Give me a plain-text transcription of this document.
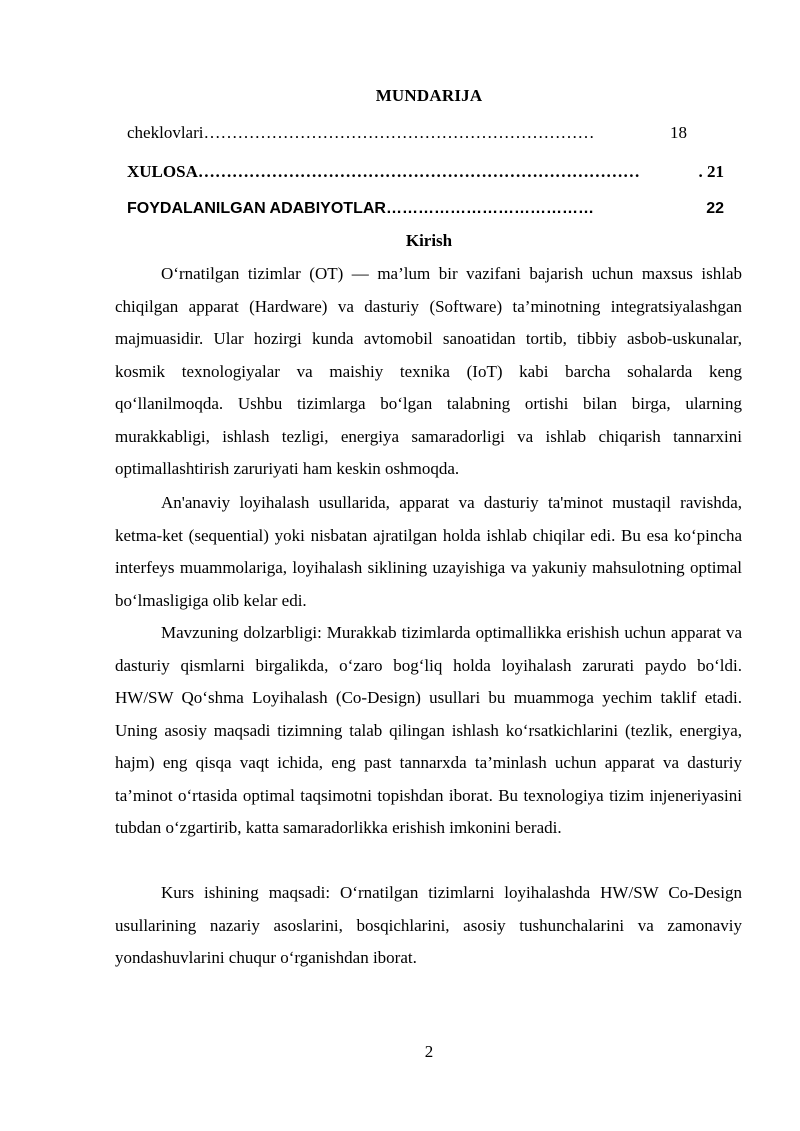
MUNDARIJA
cheklovlari……………………………………………………………	18
XULOSA……………………………………………………………………	. 21
FOYDALANILGAN ADABIYOTLAR…………………………………	22
Kirish

O‘rnatilgan tizimlar (OT) — ma’lum bir vazifani bajarish uchun maxsus ishlab chiqilgan apparat (Hardware) va dasturiy (Software) ta’minotning integratsiyalashgan majmuasidir. Ular hozirgi kunda avtomobil sanoatidan tortib, tibbiy asbob-uskunalar, kosmik texnologiyalar va maishiy texnika (IoT) kabi barcha sohalarda keng qo‘llanilmoqda. Ushbu tizimlarga bo‘lgan talabning ortishi bilan birga, ularning murakkabligi, ishlash tezligi, energiya samaradorligi va ishlab chiqarish tannarxini optimallashtirish zaruriyati ham keskin oshmoqda.

An'anaviy loyihalash usullarida, apparat va dasturiy ta'minot mustaqil ravishda, ketma-ket (sequential) yoki nisbatan ajratilgan holda ishlab chiqilar edi. Bu esa ko‘pincha interfeys muammolariga, loyihalash siklining uzayishiga va yakuniy mahsulotning optimal bo‘lmasligiga olib kelar edi.

Mavzuning dolzarbligi: Murakkab tizimlarda optimallikka erishish uchun apparat va dasturiy qismlarni birgalikda, o‘zaro bog‘liq holda loyihalash zarurati paydo bo‘ldi. HW/SW Qo‘shma Loyihalash (Co-Design) usullari bu muammoga yechim taklif etadi. Uning asosiy maqsadi tizimning talab qilingan ishlash ko‘rsatkichlarini (tezlik, energiya, hajm) eng qisqa vaqt ichida, eng past tannarxda ta’minlash uchun apparat va dasturiy ta’minot o‘rtasida optimal taqsimotni topishdan iborat. Bu texnologiya tizim injeneriyasini tubdan o‘zgartirib, katta samaradorlikka erishish imkonini beradi.

Kurs ishining maqsadi: O‘rnatilgan tizimlarni loyihalashda HW/SW Co-Design usullarining nazariy asoslarini, bosqichlarini, asosiy tushunchalarini va zamonaviy yondashuvlarini chuqur o‘rganishdan iborat.

2
